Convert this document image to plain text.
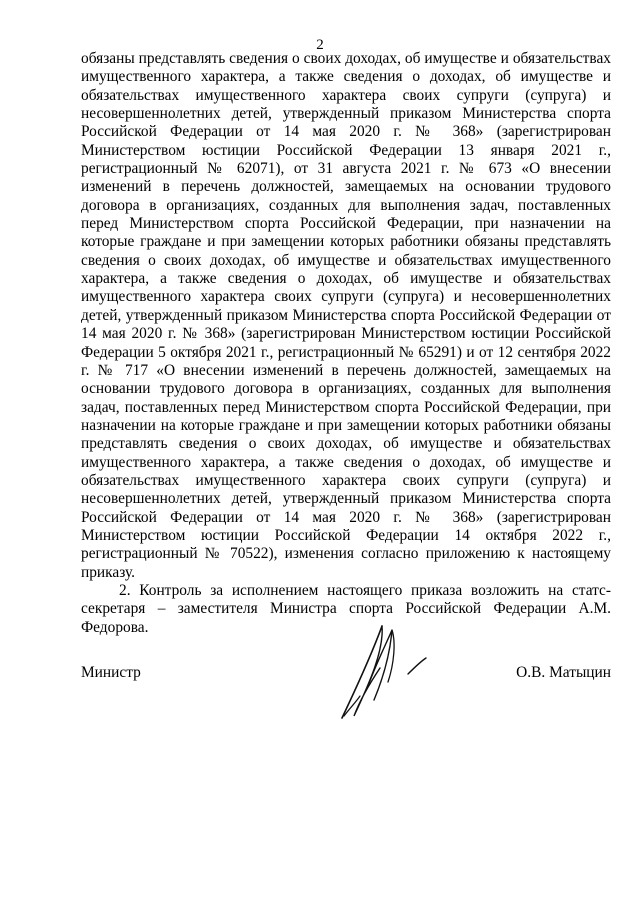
2

обязаны представлять сведения о своих доходах, об имуществе и обязательствах имущественного характера, а также сведения о доходах, об имуществе и обязательствах имущественного характера своих супруги (супруга) и несовершеннолетних детей, утвержденный приказом Министерства спорта Российской Федерации от 14 мая 2020 г. № 368» (зарегистрирован Министерством юстиции Российской Федерации 13 января 2021 г., регистрационный № 62071), от 31 августа 2021 г. № 673 «О внесении изменений в перечень должностей, замещаемых на основании трудового договора в организациях, созданных для выполнения задач, поставленных перед Министерством спорта Российской Федерации, при назначении на которые граждане и при замещении которых работники обязаны представлять сведения о своих доходах, об имуществе и обязательствах имущественного характера, а также сведения о доходах, об имуществе и обязательствах имущественного характера своих супруги (супруга) и несовершеннолетних детей, утвержденный приказом Министерства спорта Российской Федерации от 14 мая 2020 г. № 368» (зарегистрирован Министерством юстиции Российской Федерации 5 октября 2021 г., регистрационный № 65291) и от 12 сентября 2022 г. № 717 «О внесении изменений в перечень должностей, замещаемых на основании трудового договора в организациях, созданных для выполнения задач, поставленных перед Министерством спорта Российской Федерации, при назначении на которые граждане и при замещении которых работники обязаны представлять сведения о своих доходах, об имуществе и обязательствах имущественного характера, а также сведения о доходах, об имуществе и обязательствах имущественного характера своих супруги (супруга) и несовершеннолетних детей, утвержденный приказом Министерства спорта Российской Федерации от 14 мая 2020 г. № 368» (зарегистрирован Министерством юстиции Российской Федерации 14 октября 2022 г., регистрационный № 70522), изменения согласно приложению к настоящему приказу.

2. Контроль за исполнением настоящего приказа возложить на статс-секретаря – заместителя Министра спорта Российской Федерации А.М. Федорова.

Министр	О.В. Матыцин
